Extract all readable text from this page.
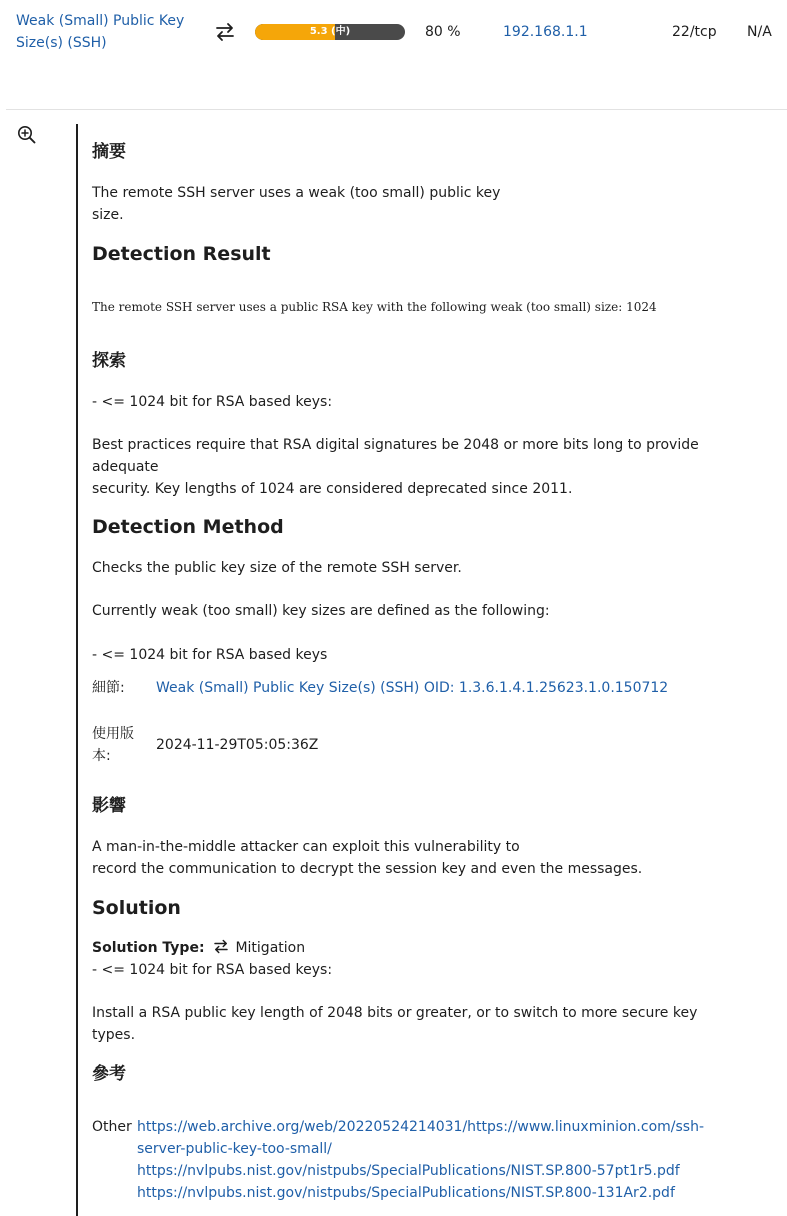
Weak (Small) Public Key Size(s) (SSH)
5.3 (中)	80 %	192.168.1.1	22/tcp N/A
摘要
The remote SSH server uses a weak (too small) public key
size.
Detection Result
The remote SSH server uses a public RSA key with the following weak (too small) size: 1024
探索
- <= 1024 bit for RSA based keys:
Best practices require that RSA digital signatures be 2048 or more bits long to provide
adequate
security. Key lengths of 1024 are considered deprecated since 2011.
Detection Method
Checks the public key size of the remote SSH server.
Currently weak (too small) key sizes are defined as the following:
- <= 1024 bit for RSA based keys
細節:	Weak (Small) Public Key Size(s) (SSH) OID: 1.3.6.1.4.1.25623.1.0.150712
使用版
本:
2024-11-29T05:05:36Z
影響
A man-in-the-middle attacker can exploit this vulnerability to
record the communication to decrypt the session key and even the messages.
Solution
Solution Type: Mitigation
- <= 1024 bit for RSA based keys:
Install a RSA public key length of 2048 bits or greater, or to switch to more secure key
types.
參考
Other https://web.archive.org/web/20220524214031/https://www.linuxminion.com/ssh-
server-public-key-too-small/
https://nvlpubs.nist.gov/nistpubs/SpecialPublications/NIST.SP.800-57pt1r5.pdf
https://nvlpubs.nist.gov/nistpubs/SpecialPublications/NIST.SP.800-131Ar2.pdf
